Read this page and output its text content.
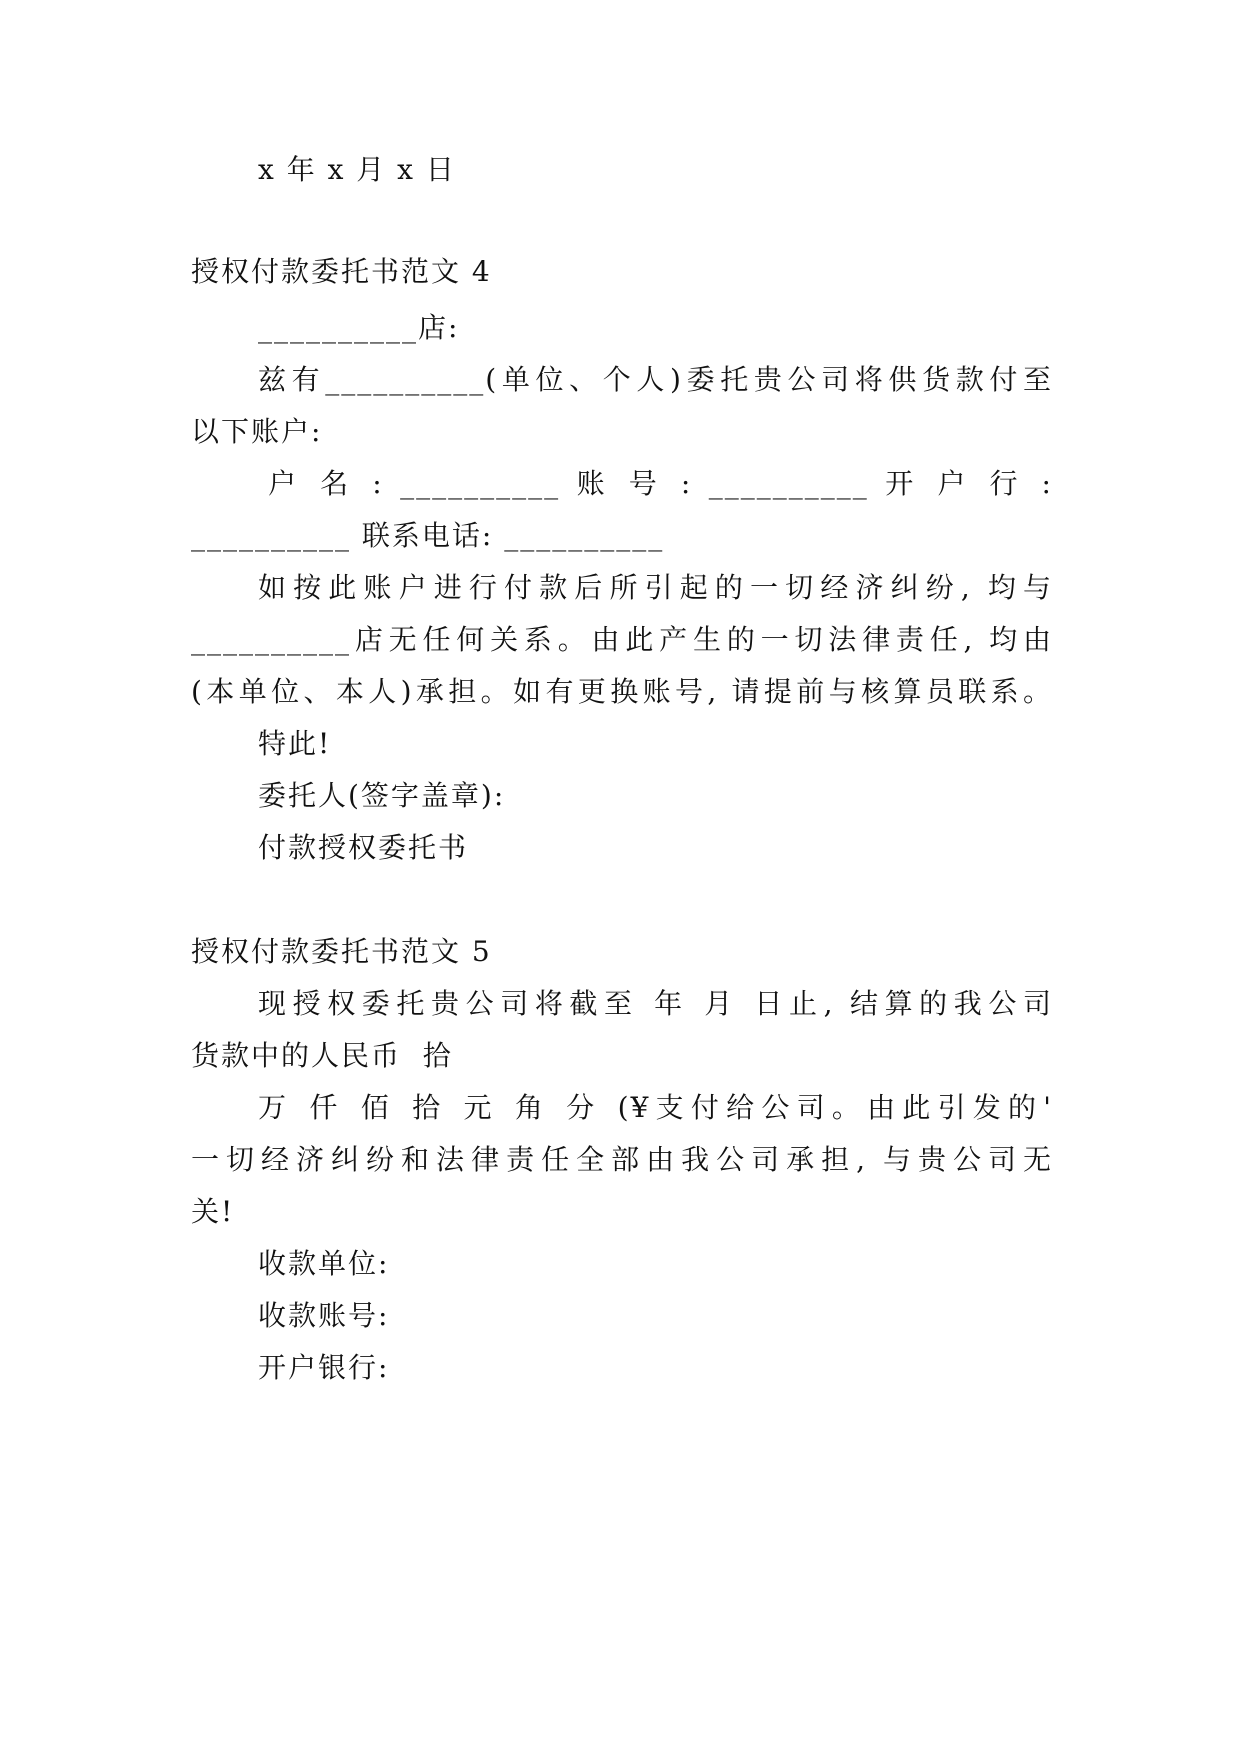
x 年 x 月 x 日
授权付款委托书范文 4
__________店:
兹有__________(单位、个人)委托贵公司将供货款付至
以下账户:
户 名 : __________ 账 号 : __________ 开 户 行 :
__________ 联系电话: __________
如按此账户进行付款后所引起的一切经济纠纷, 均与
__________店无任何关系。由此产生的一切法律责任, 均由
(本单位、本人)承担。如有更换账号, 请提前与核算员联系。
特此!
委托人(签字盖章):
付款授权委托书
授权付款委托书范文 5
现授权委托贵公司将截至 年 月 日止, 结算的我公司
货款中的人民币  拾
万 仟 佰 拾 元 角 分 (¥支付给公司。由此引发的'
一切经济纠纷和法律责任全部由我公司承担, 与贵公司无
关!
收款单位:
收款账号:
开户银行:
